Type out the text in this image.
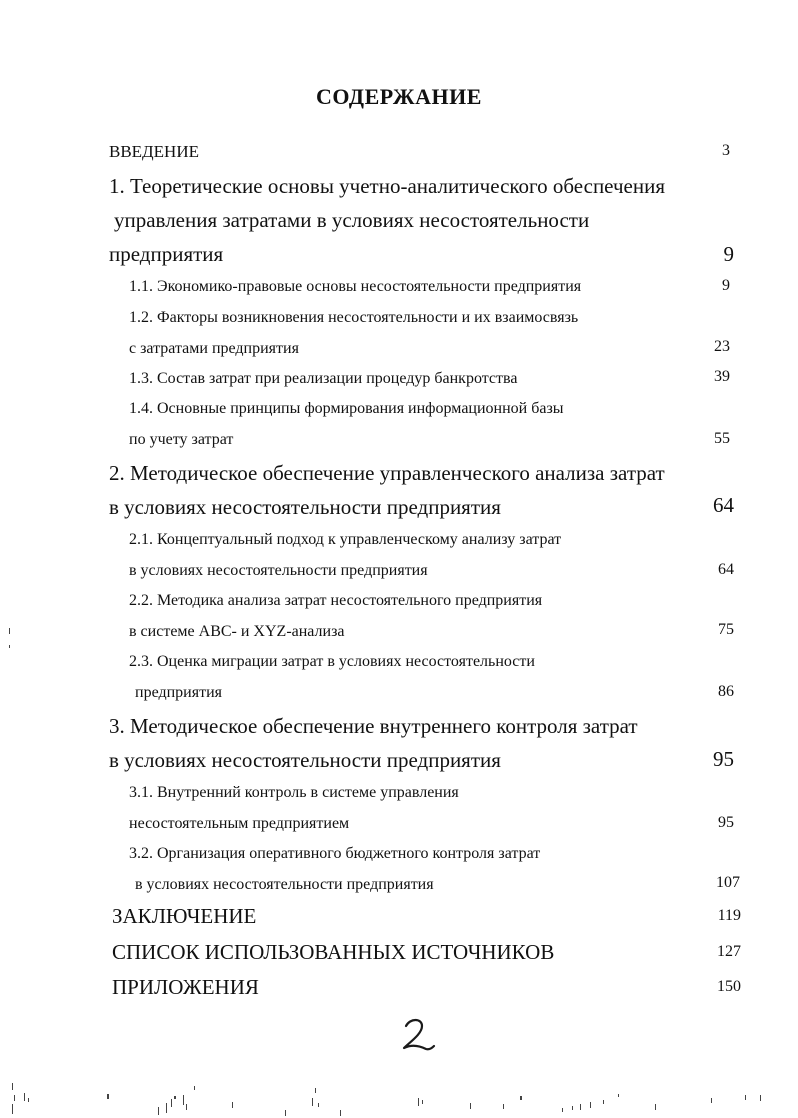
СОДЕРЖАНИЕ
ВВЕДЕНИЕ	3
1. Теоретические основы учетно-аналитического обеспечения
управления затратами в условиях несостоятельности
предприятия	9
1.1. Экономико-правовые основы несостоятельности предприятия	9
1.2. Факторы возникновения несостоятельности и их взаимосвязь
с затратами предприятия	23
1.3. Состав затрат при реализации процедур банкротства	39
1.4. Основные принципы формирования информационной базы
по учету затрат	55
2. Методическое обеспечение управленческого анализа затрат
в условиях несостоятельности предприятия	64
2.1. Концептуальный подход к управленческому анализу затрат
в условиях несостоятельности предприятия	64
2.2. Методика анализа затрат несостоятельного предприятия
в системе ABC- и XYZ-анализа	75
2.3. Оценка миграции затрат в условиях несостоятельности
предприятия	86
3. Методическое обеспечение внутреннего контроля затрат
в условиях несостоятельности предприятия	95
3.1. Внутренний контроль в системе управления
несостоятельным предприятием	95
3.2. Организация оперативного бюджетного контроля затрат
в условиях несостоятельности предприятия	107
ЗАКЛЮЧЕНИЕ	119
СПИСОК ИСПОЛЬЗОВАННЫХ ИСТОЧНИКОВ	127
ПРИЛОЖЕНИЯ	150
